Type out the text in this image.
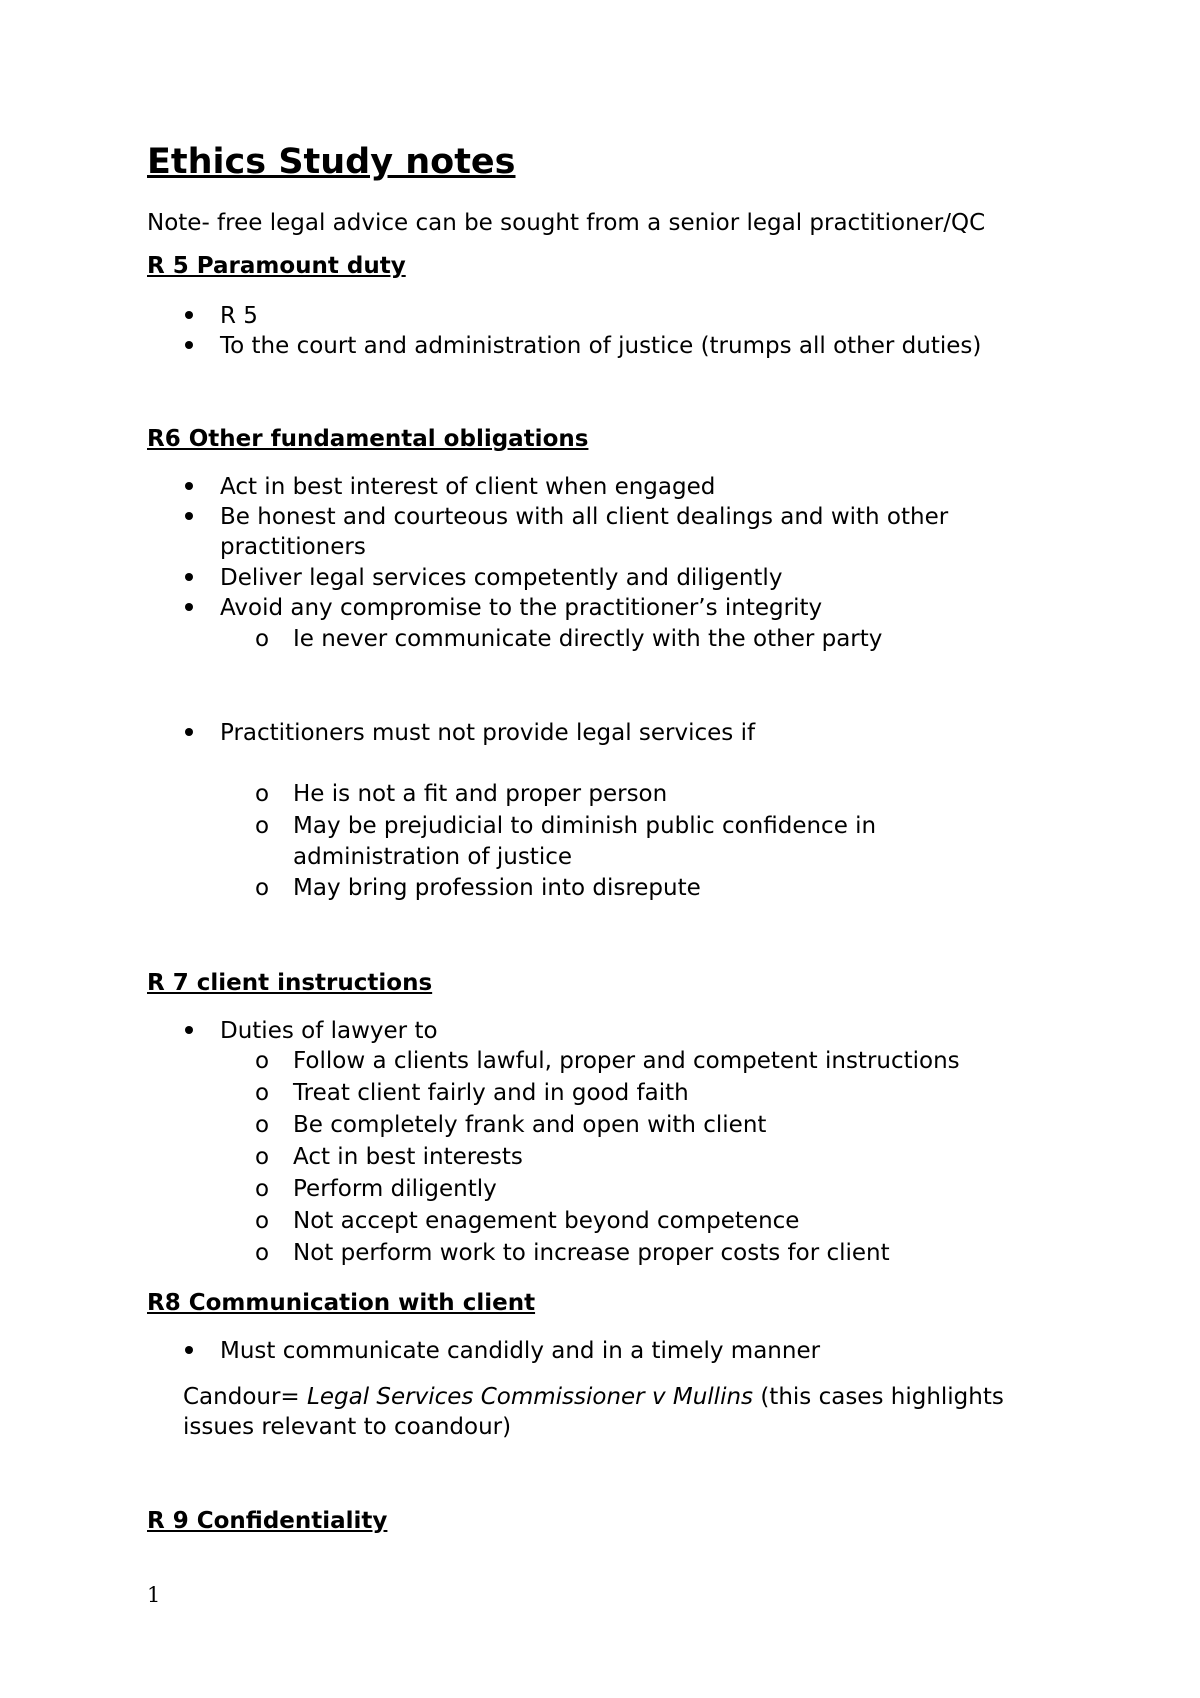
Ethics Study notes

Note- free legal advice can be sought from a senior legal practitioner/QC

R 5 Paramount duty

R 5

To the court and administration of justice (trumps all other duties)

R6 Other fundamental obligations

Act in best interest of client when engaged

Be honest and courteous with all client dealings and with other

practitioners

Deliver legal services competently and diligently

Avoid any compromise to the practitioner’s integrity

o Ie never communicate directly with the other party

Practitioners must not provide legal services if

o He is not a fit and proper person

o May be prejudicial to diminish public confidence in

administration of justice

o May bring profession into disrepute

R 7 client instructions

Duties of lawyer to

o Follow a clients lawful, proper and competent instructions

o Treat client fairly and in good faith

o Be completely frank and open with client

o Act in best interests

o Perform diligently

o Not accept enagement beyond competence

o Not perform work to increase proper costs for client

R8 Communication with client

Must communicate candidly and in a timely manner

Candour= Legal Services Commissioner v Mullins (this cases highlights

issues relevant to coandour)

R 9 Confidentiality

1
